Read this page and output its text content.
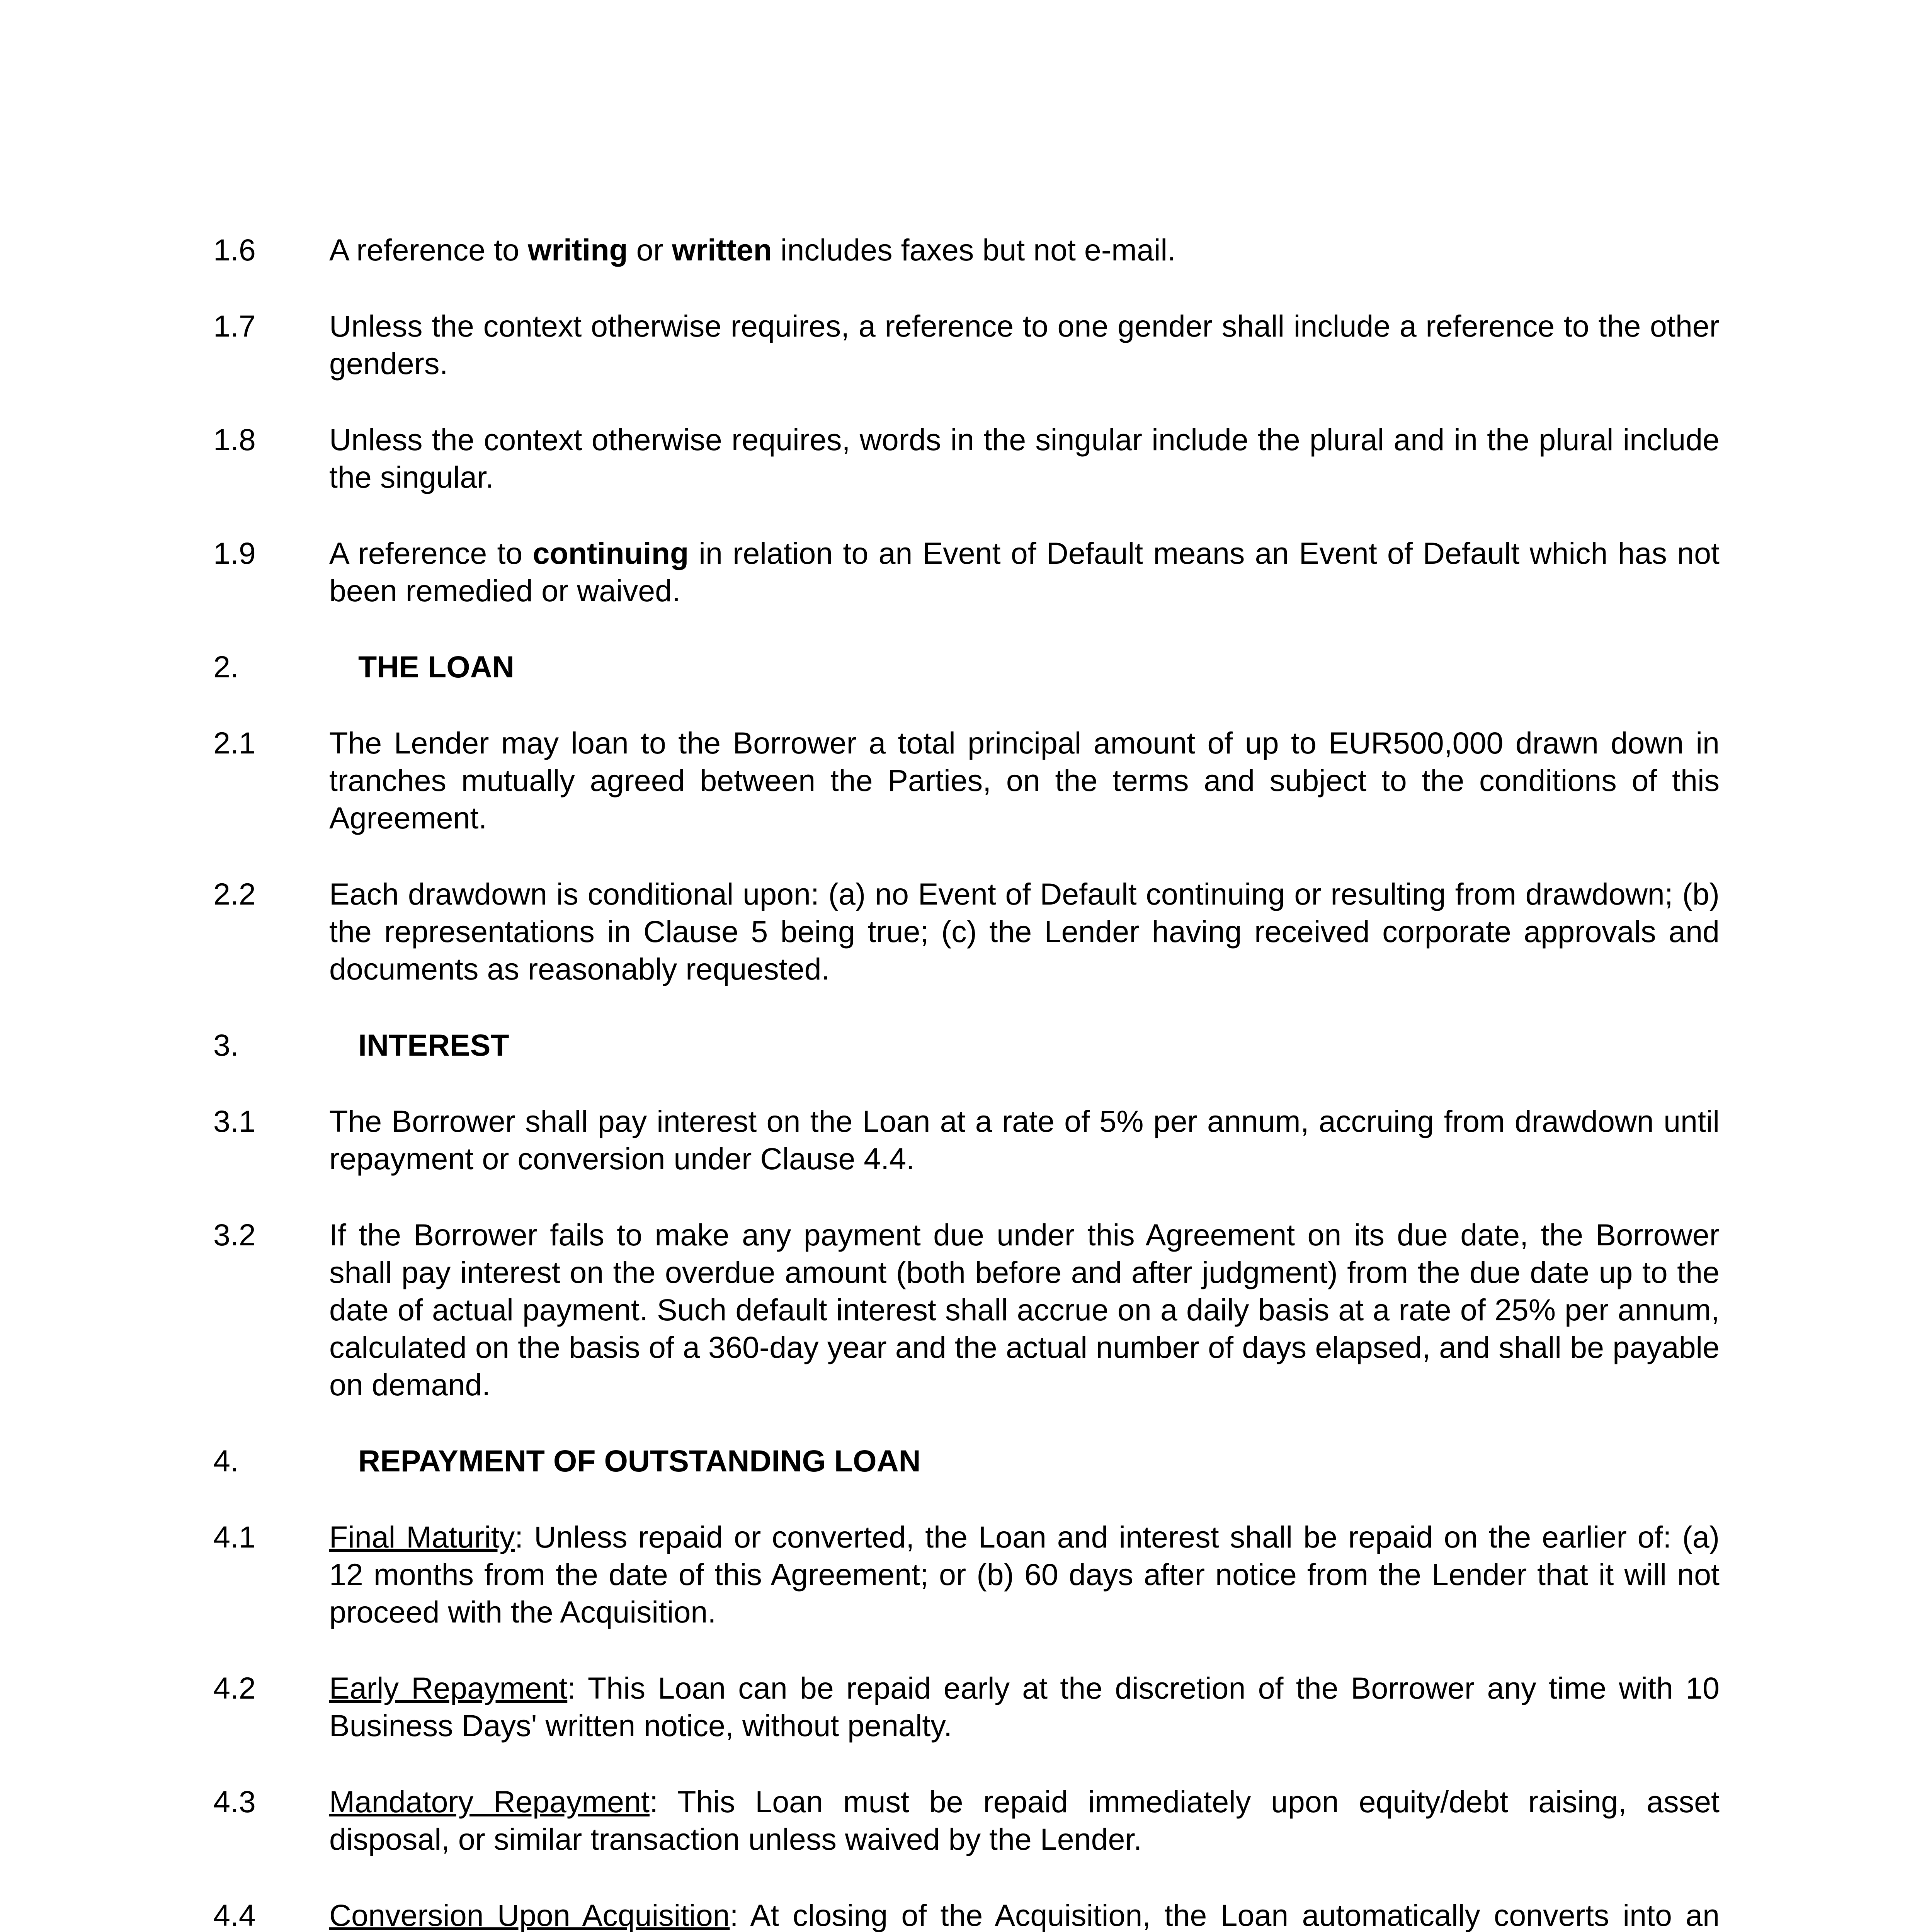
1.6	A reference to writing or written includes faxes but not e-mail.
1.7	Unless the context otherwise requires, a reference to one gender shall include a reference to the other genders.
1.8	Unless the context otherwise requires, words in the singular include the plural and in the plural include the singular.
1.9	A reference to continuing in relation to an Event of Default means an Event of Default which has not been remedied or waived.
2.	THE LOAN
2.1	The Lender may loan to the Borrower a total principal amount of up to EUR500,000 drawn down in tranches mutually agreed between the Parties, on the terms and subject to the conditions of this Agreement.
2.2	Each drawdown is conditional upon: (a) no Event of Default continuing or resulting from drawdown; (b) the representations in Clause 5 being true; (c) the Lender having received corporate approvals and documents as reasonably requested.
3.	INTEREST
3.1	The Borrower shall pay interest on the Loan at a rate of 5% per annum, accruing from drawdown until repayment or conversion under Clause 4.4.
3.2	If the Borrower fails to make any payment due under this Agreement on its due date, the Borrower shall pay interest on the overdue amount (both before and after judgment) from the due date up to the date of actual payment. Such default interest shall accrue on a daily basis at a rate of 25% per annum, calculated on the basis of a 360-day year and the actual number of days elapsed, and shall be payable on demand.
4.	REPAYMENT OF OUTSTANDING LOAN
4.1	Final Maturity: Unless repaid or converted, the Loan and interest shall be repaid on the earlier of: (a) 12 months from the date of this Agreement; or (b) 60 days after notice from the Lender that it will not proceed with the Acquisition.
4.2	Early Repayment: This Loan can be repaid early at the discretion of the Borrower any time with 10 Business Days' written notice, without penalty.
4.3	Mandatory Repayment: This Loan must be repaid immediately upon equity/debt raising, asset disposal, or similar transaction unless waived by the Lender.
4.4	Conversion Upon Acquisition: At closing of the Acquisition, the Loan automatically converts into an
